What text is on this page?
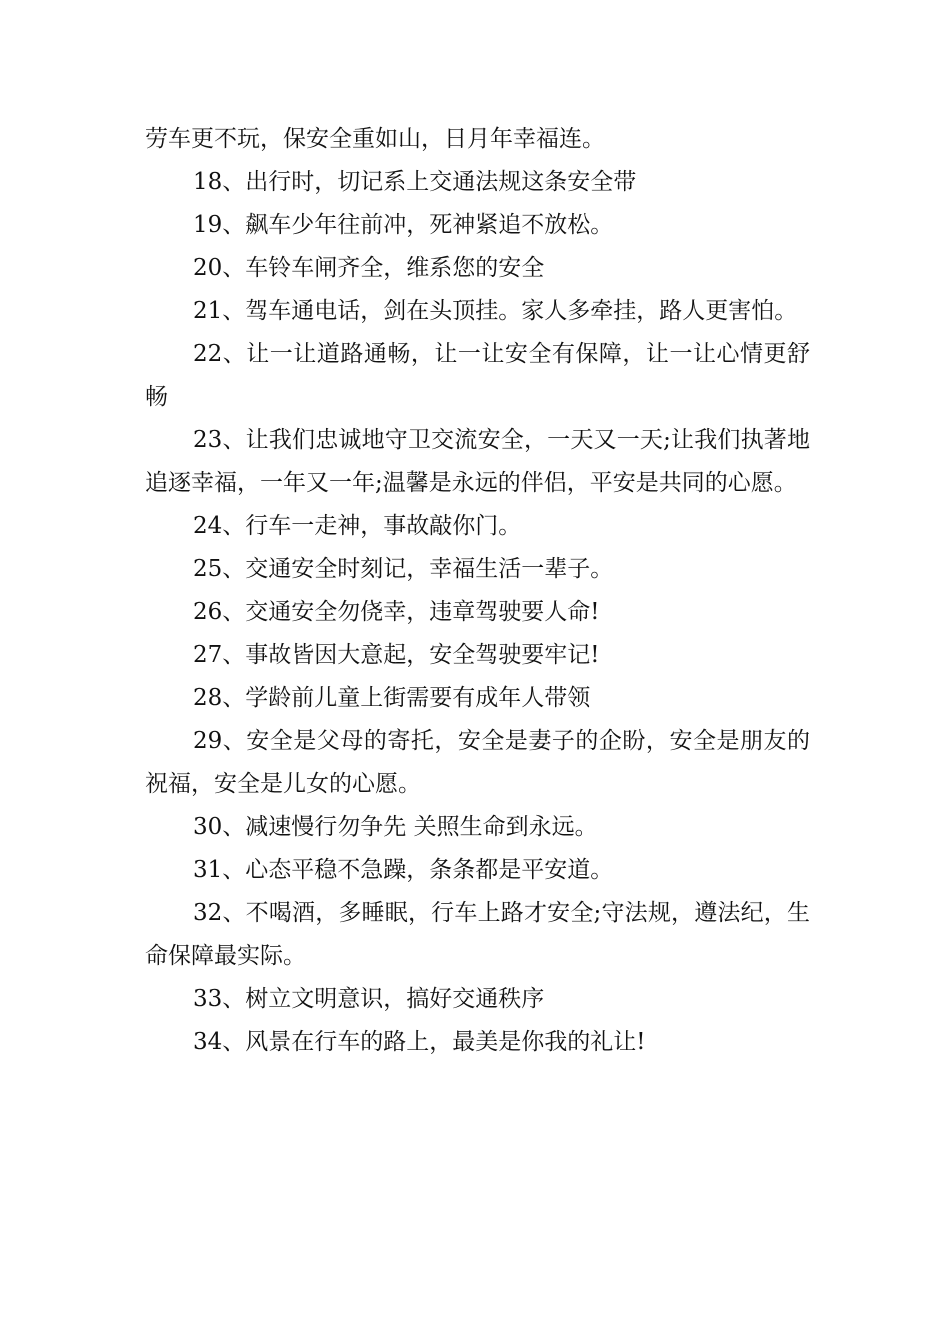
劳车更不玩，保安全重如山，日月年幸福连。

18、出行时，切记系上交通法规这条安全带

19、飙车少年往前冲，死神紧追不放松。

20、车铃车闸齐全，维系您的安全

21、驾车通电话，剑在头顶挂。家人多牵挂，路人更害怕。

22、让一让道路通畅，让一让安全有保障，让一让心情更舒畅

23、让我们忠诚地守卫交流安全，一天又一天;让我们执著地追逐幸福，一年又一年;温馨是永远的伴侣，平安是共同的心愿。

24、行车一走神，事故敲你门。

25、交通安全时刻记，幸福生活一辈子。

26、交通安全勿侥幸，违章驾驶要人命!

27、事故皆因大意起，安全驾驶要牢记!

28、学龄前儿童上街需要有成年人带领

29、安全是父母的寄托，安全是妻子的企盼，安全是朋友的祝福，安全是儿女的心愿。

30、减速慢行勿争先 关照生命到永远。

31、心态平稳不急躁，条条都是平安道。

32、不喝酒，多睡眠，行车上路才安全;守法规，遵法纪，生命保障最实际。

33、树立文明意识，搞好交通秩序

34、风景在行车的路上，最美是你我的礼让!
